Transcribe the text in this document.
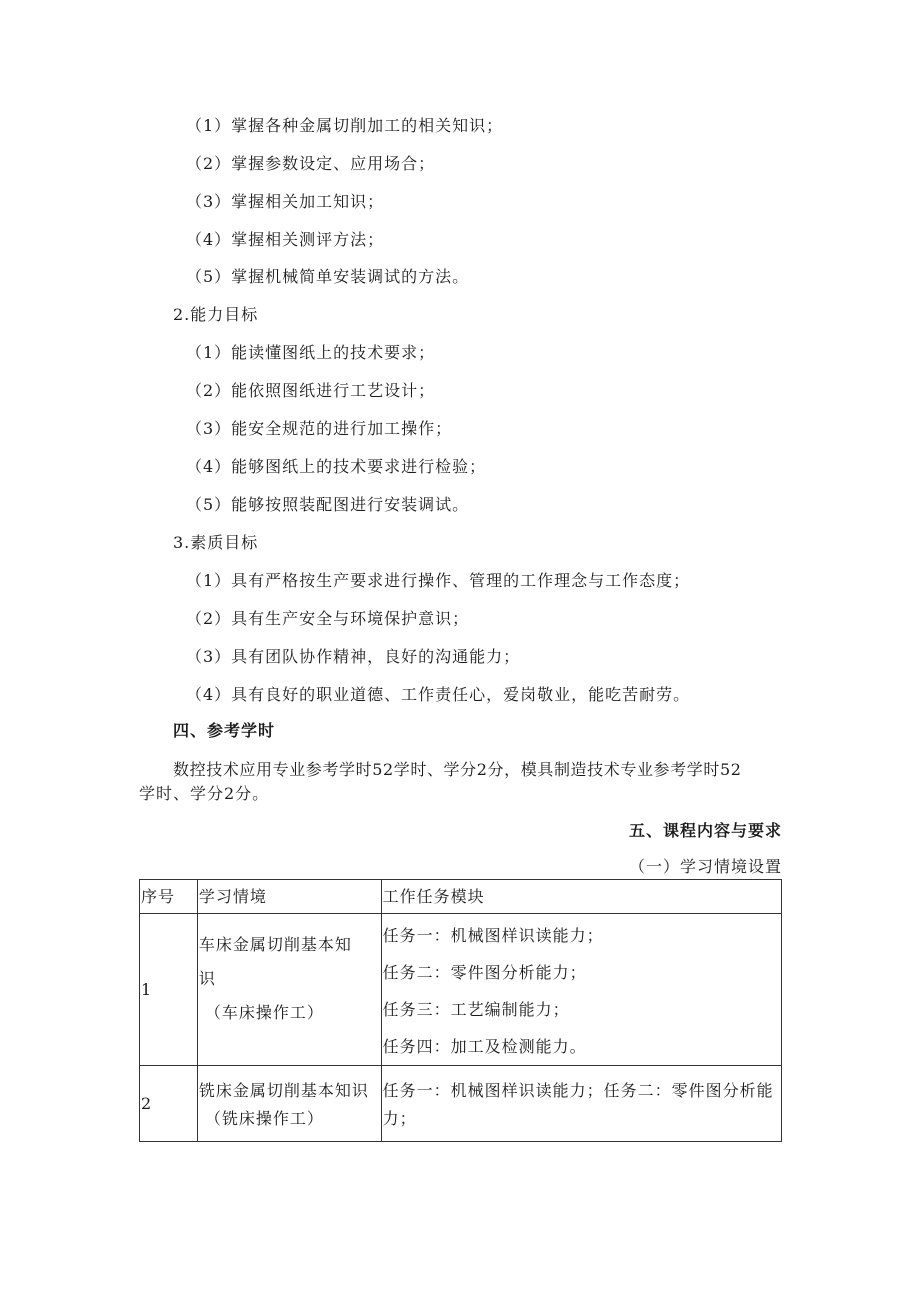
（1）掌握各种金属切削加工的相关知识；
（2）掌握参数设定、应用场合；
（3）掌握相关加工知识；
（4）掌握相关测评方法；
（5）掌握机械简单安装调试的方法。
2.能力目标
（1）能读懂图纸上的技术要求；
（2）能依照图纸进行工艺设计；
（3）能安全规范的进行加工操作；
（4）能够图纸上的技术要求进行检验；
（5）能够按照装配图进行安装调试。
3.素质目标
（1）具有严格按生产要求进行操作、管理的工作理念与工作态度；
（2）具有生产安全与环境保护意识；
（3）具有团队协作精神，良好的沟通能力；
（4）具有良好的职业道德、工作责任心，爱岗敬业，能吃苦耐劳。
四、参考学时
数控技术应用专业参考学时52学时、学分2分，模具制造技术专业参考学时52
学时、学分2分。
五、课程内容与要求
（一）学习情境设置
序号	学习情境	工作任务模块
1	车床金属切削基本知
识
（车床操作工）	任务一：机械图样识读能力；
任务二：零件图分析能力；
任务三：工艺编制能力；
任务四：加工及检测能力。

2	铣床金属切削基本知识
（铣床操作工）	任务一：机械图样识读能力；任务二：零件图分析能
力；
